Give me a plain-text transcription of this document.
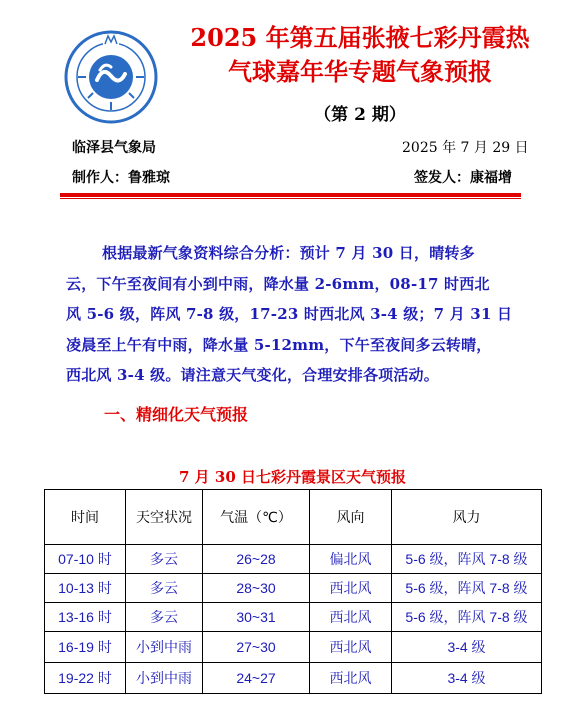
2025 年第五届张掖七彩丹霞热
气球嘉年华专题气象预报
（第 2 期）
临泽县气象局	2025 年 7 月 29 日
制作人：鲁雅琼	签发人：康福增
根据最新气象资料综合分析：预计 7 月 30 日，晴转多
云，下午至夜间有小到中雨，降水量 2-6mm，08-17 时西北
风 5-6 级，阵风 7-8 级，17-23 时西北风 3-4 级；7 月 31 日
凌晨至上午有中雨，降水量 5-12mm，下午至夜间多云转晴，
西北风 3-4 级。请注意天气变化，合理安排各项活动。
一、精细化天气预报
7 月 30 日七彩丹霞景区天气预报
时间	天空状况	气温（℃）	风向	风力
07-10 时	多云	26~28	偏北风	5-6 级，阵风 7-8 级
10-13 时	多云	28~30	西北风	5-6 级，阵风 7-8 级
13-16 时	多云	30~31	西北风	5-6 级，阵风 7-8 级
16-19 时	小到中雨	27~30	西北风	3-4 级
19-22 时	小到中雨	24~27	西北风	3-4 级
